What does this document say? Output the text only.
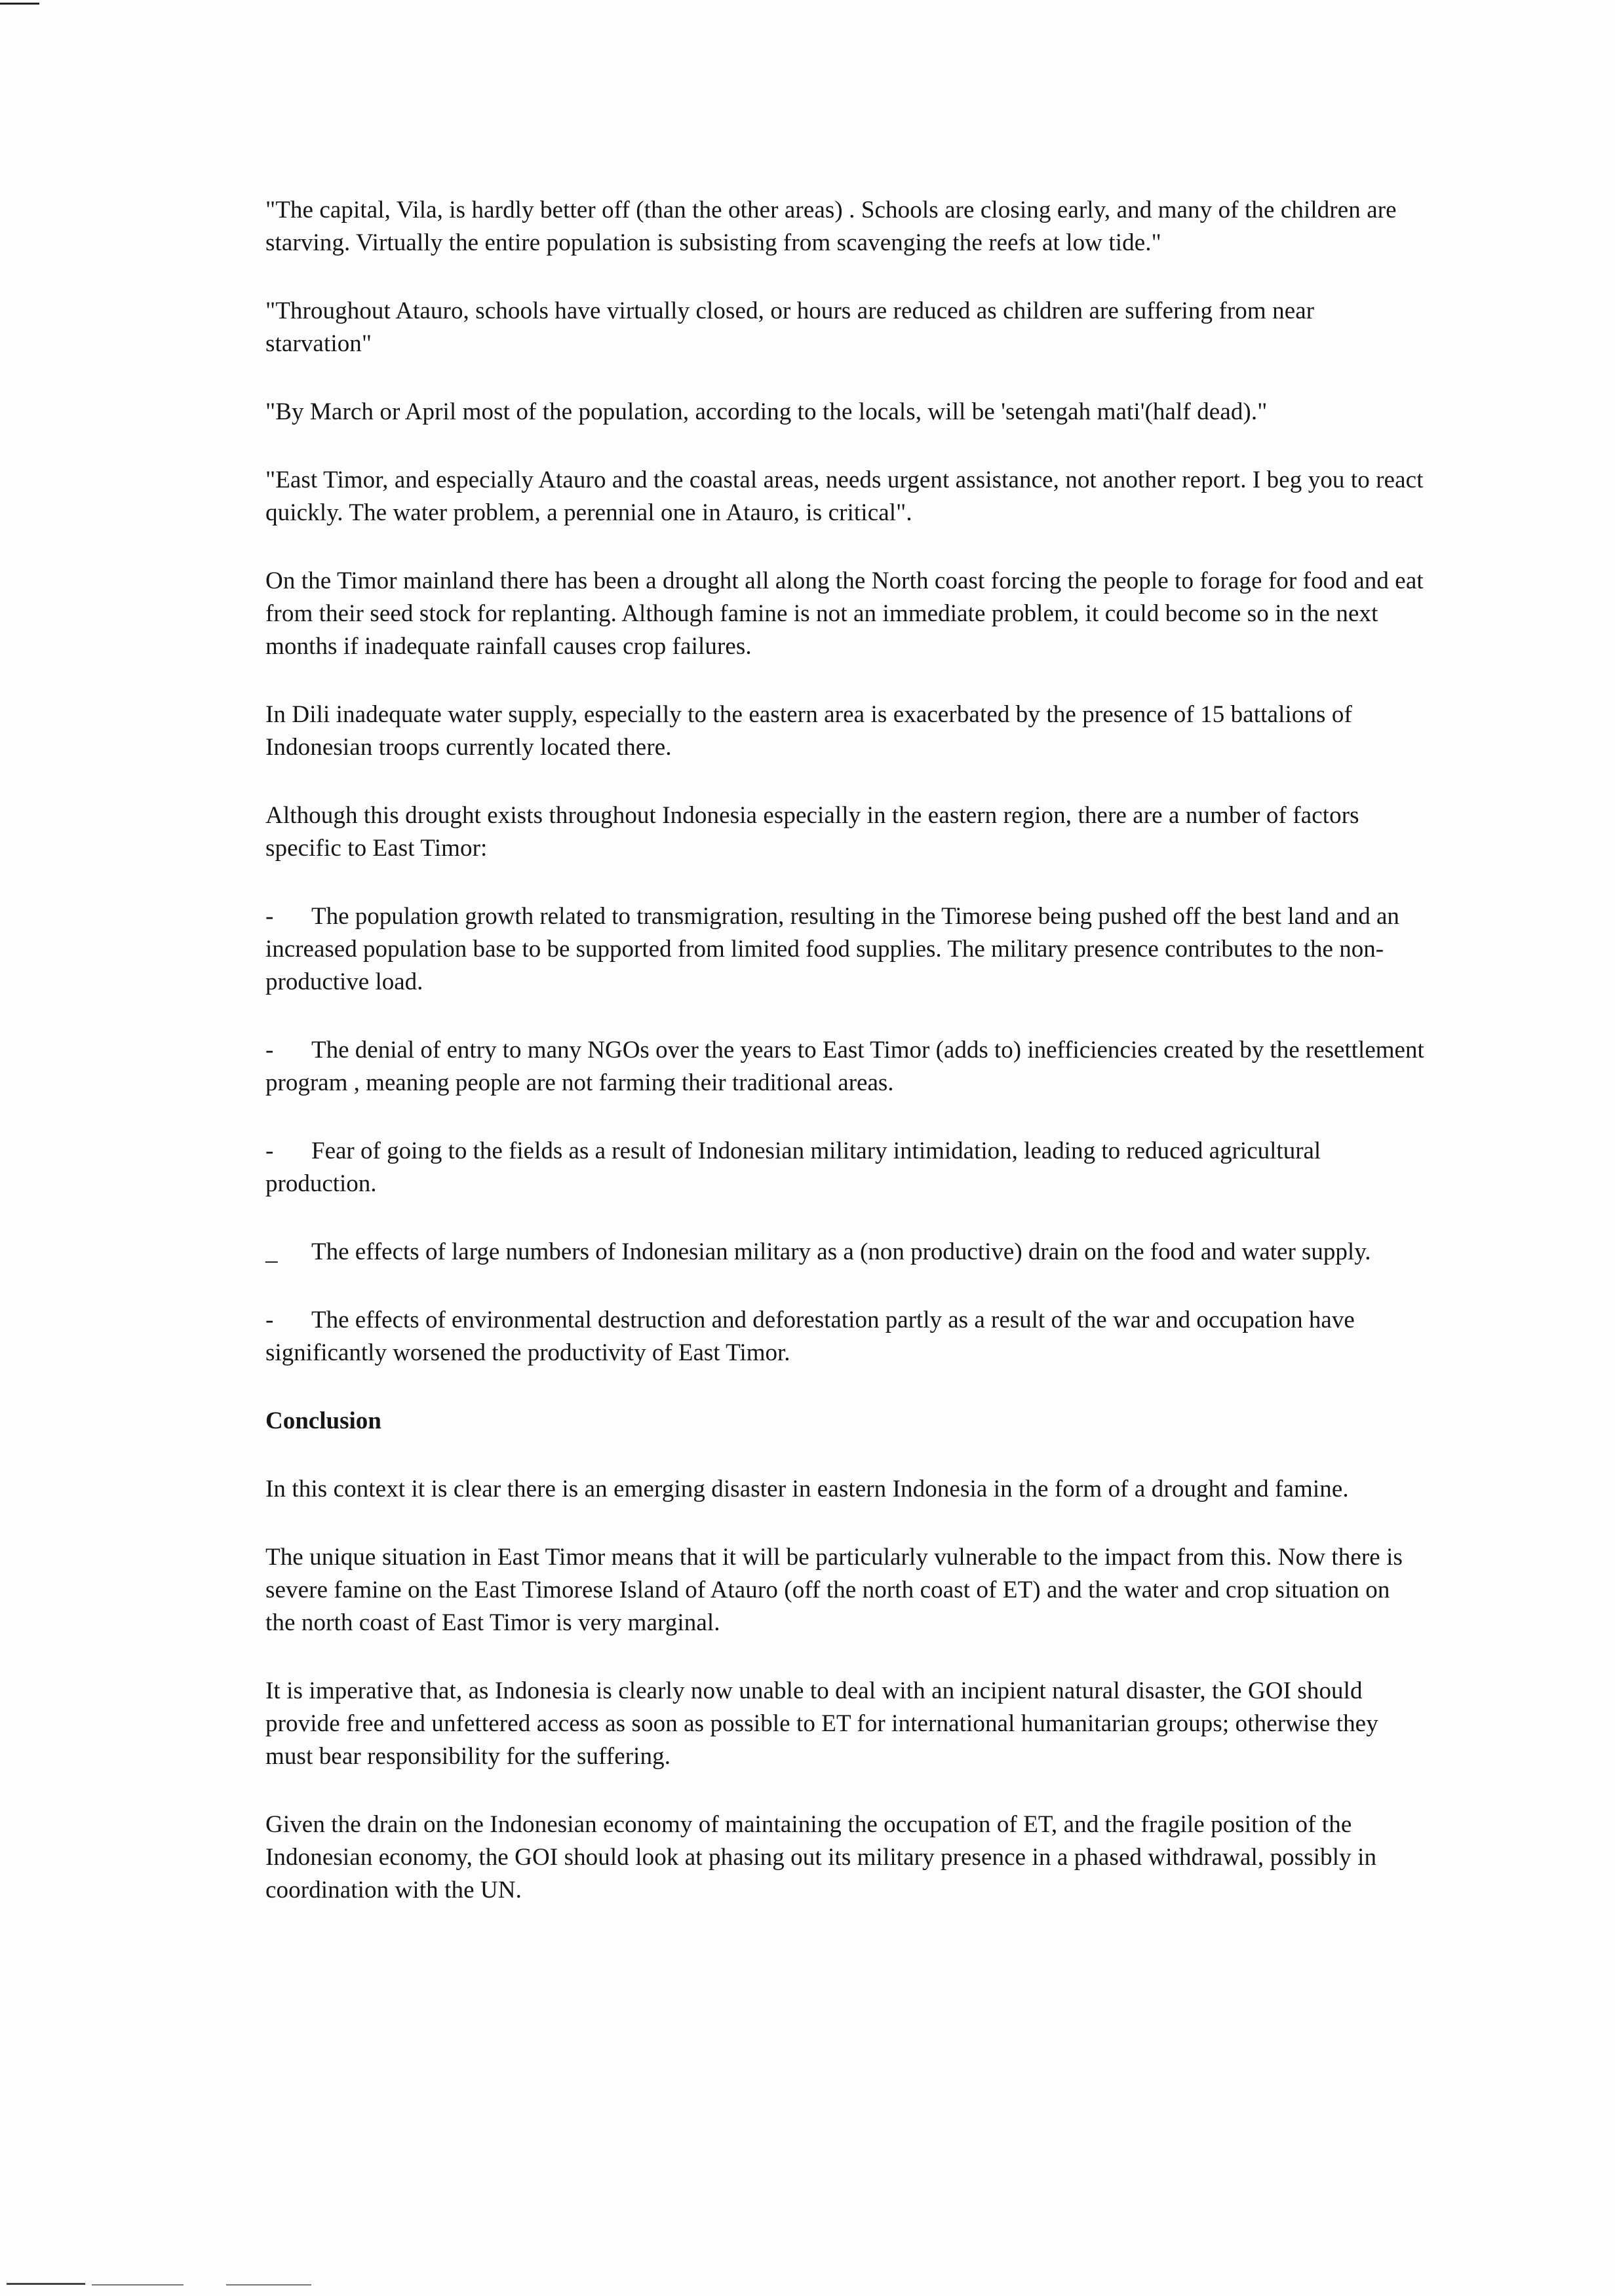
"The capital, Vila, is hardly better off (than the other areas) . Schools are closing early, and many of the children are starving. Virtually the entire population is subsisting from scavenging the reefs at low tide."

"Throughout Atauro, schools have virtually closed, or hours are reduced as children are suffering from near starvation"

"By March or April most of the population, according to the locals, will be 'setengah mati'(half dead)."

"East Timor, and especially Atauro and the coastal areas, needs urgent assistance, not another report. I beg you to react quickly. The water problem, a perennial one in Atauro, is critical".

On the Timor mainland there has been a drought all along the North coast forcing the people to forage for food and eat from their seed stock for replanting. Although famine is not an immediate problem, it could become so in the next months if inadequate rainfall causes crop failures.

In Dili inadequate water supply, especially to the eastern area is exacerbated by the presence of 15 battalions of Indonesian troops currently located there.

Although this drought exists throughout Indonesia especially in the eastern region, there are a number of factors specific to East Timor:

- The population growth related to transmigration, resulting in the Timorese being pushed off the best land and an increased population base to be supported from limited food supplies. The military presence contributes to the non-productive load.

- The denial of entry to many NGOs over the years to East Timor (adds to) inefficiencies created by the resettlement program , meaning people are not farming their traditional areas.

- Fear of going to the fields as a result of Indonesian military intimidation, leading to reduced agricultural production.

_ The effects of large numbers of Indonesian military as a (non productive) drain on the food and water supply.

- The effects of environmental destruction and deforestation partly as a result of the war and occupation have significantly worsened the productivity of East Timor.

Conclusion

In this context it is clear there is an emerging disaster in eastern Indonesia in the form of a drought and famine.

The unique situation in East Timor means that it will be particularly vulnerable to the impact from this. Now there is severe famine on the East Timorese Island of Atauro (off the north coast of ET) and the water and crop situation on the north coast of East Timor is very marginal.

It is imperative that, as Indonesia is clearly now unable to deal with an incipient natural disaster, the GOI should provide free and unfettered access as soon as possible to ET for international humanitarian groups; otherwise they must bear responsibility for the suffering.

Given the drain on the Indonesian economy of maintaining the occupation of ET, and the fragile position of the Indonesian economy, the GOI should look at phasing out its military presence in a phased withdrawal, possibly in coordination with the UN.
